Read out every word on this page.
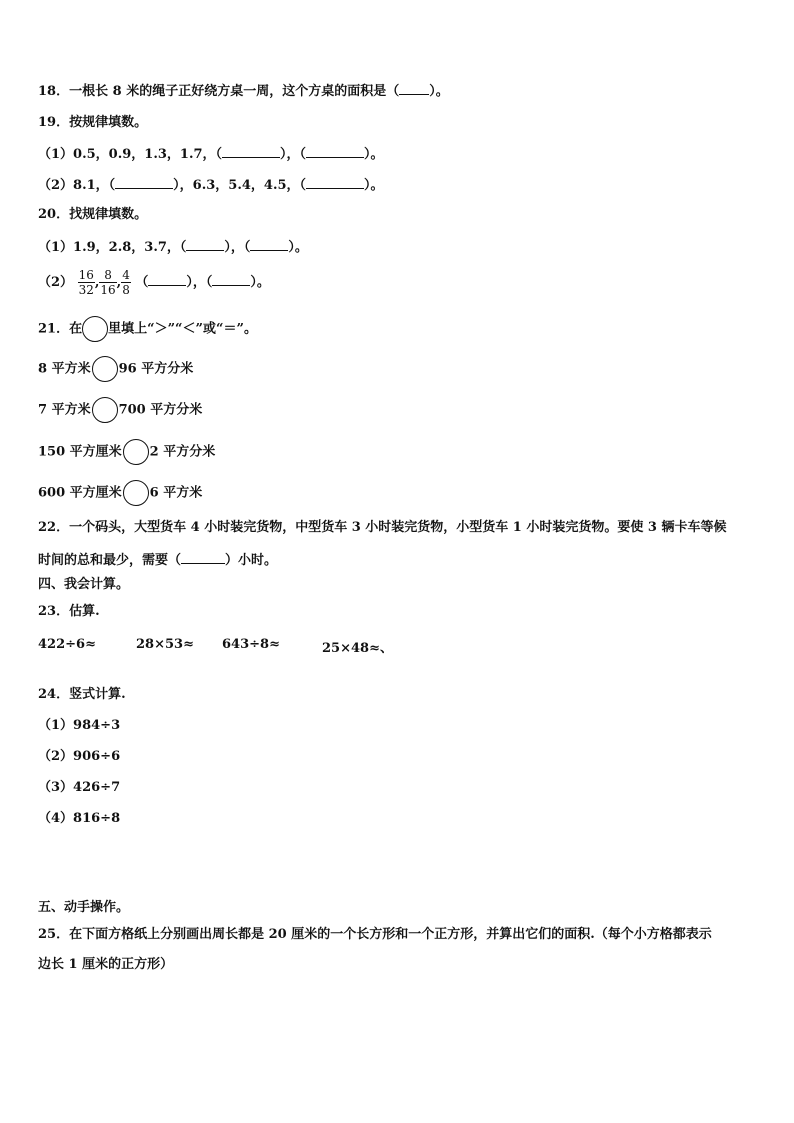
18．一根长 8 米的绳子正好绕方桌一周，这个方桌的面积是（ ）。
19．按规律填数。
（1）0.5，0.9，1.3，1.7，（	），（	）。
（2）8.1，（	），6.3，5.4，4.5，（	）。
20．找规律填数。
（1）1.9，2.8，3.7，（	），（	）。
$(2) \frac{16}{32}$ , $\frac{8}{16}$ , $\frac{4}{8}$ （	），（	）。
21．在 里填上“＞”“＜”或“＝”。
8 平方米 96 平方分米
7 平方米 700 平方分米
150 平方厘米 2 平方分米
600 平方厘米 6 平方米
22．一个码头，大型货车 4 小时装完货物，中型货车 3 小时装完货物，小型货车 1 小时装完货物。要使 3 辆卡车等候
时间的总和最少，需要（	）小时。
四、我会计算。
23．估算.
422÷6≈	28×53≈ 643÷8≈	25×48≈、
24．竖式计算.
（1）984÷3
（2）906÷6
（3）426÷7
（4）816÷8
五、动手操作。
25．在下面方格纸上分别画出周长都是 20 厘米的一个长方形和一个正方形，并算出它们的面积.（每个小方格都表示
边长 1 厘米的正方形）
